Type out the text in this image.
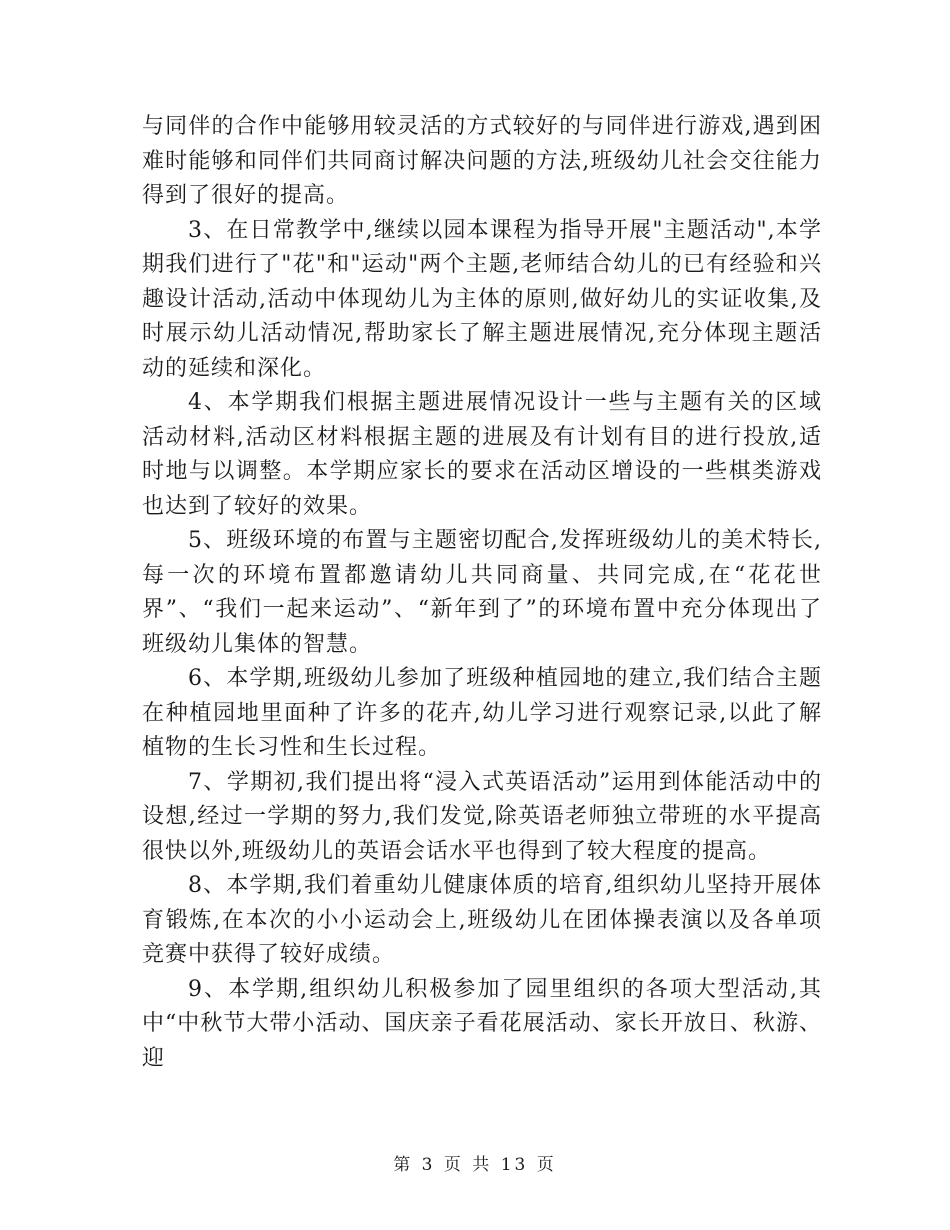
与同伴的合作中能够用较灵活的方式较好的与同伴进行游戏,遇到困难时能够和同伴们共同商讨解决问题的方法,班级幼儿社会交往能力得到了很好的提高。

3、在日常教学中,继续以园本课程为指导开展"主题活动",本学期我们进行了"花"和"运动"两个主题,老师结合幼儿的已有经验和兴趣设计活动,活动中体现幼儿为主体的原则,做好幼儿的实证收集,及时展示幼儿活动情况,帮助家长了解主题进展情况,充分体现主题活动的延续和深化。

4、本学期我们根据主题进展情况设计一些与主题有关的区域活动材料,活动区材料根据主题的进展及有计划有目的进行投放,适时地与以调整。本学期应家长的要求在活动区增设的一些棋类游戏也达到了较好的效果。

5、班级环境的布置与主题密切配合,发挥班级幼儿的美术特长,每一次的环境布置都邀请幼儿共同商量、共同完成,在“花花世界”、“我们一起来运动”、“新年到了”的环境布置中充分体现出了班级幼儿集体的智慧。

6、本学期,班级幼儿参加了班级种植园地的建立,我们结合主题在种植园地里面种了许多的花卉,幼儿学习进行观察记录,以此了解植物的生长习性和生长过程。

7、学期初,我们提出将“浸入式英语活动”运用到体能活动中的设想,经过一学期的努力,我们发觉,除英语老师独立带班的水平提高很快以外,班级幼儿的英语会话水平也得到了较大程度的提高。

8、本学期,我们着重幼儿健康体质的培育,组织幼儿坚持开展体育锻炼,在本次的小小运动会上,班级幼儿在团体操表演以及各单项竞赛中获得了较好成绩。

9、本学期,组织幼儿积极参加了园里组织的各项大型活动,其中“中秋节大带小活动、国庆亲子看花展活动、家长开放日、秋游、迎

第 3 页 共 13 页
